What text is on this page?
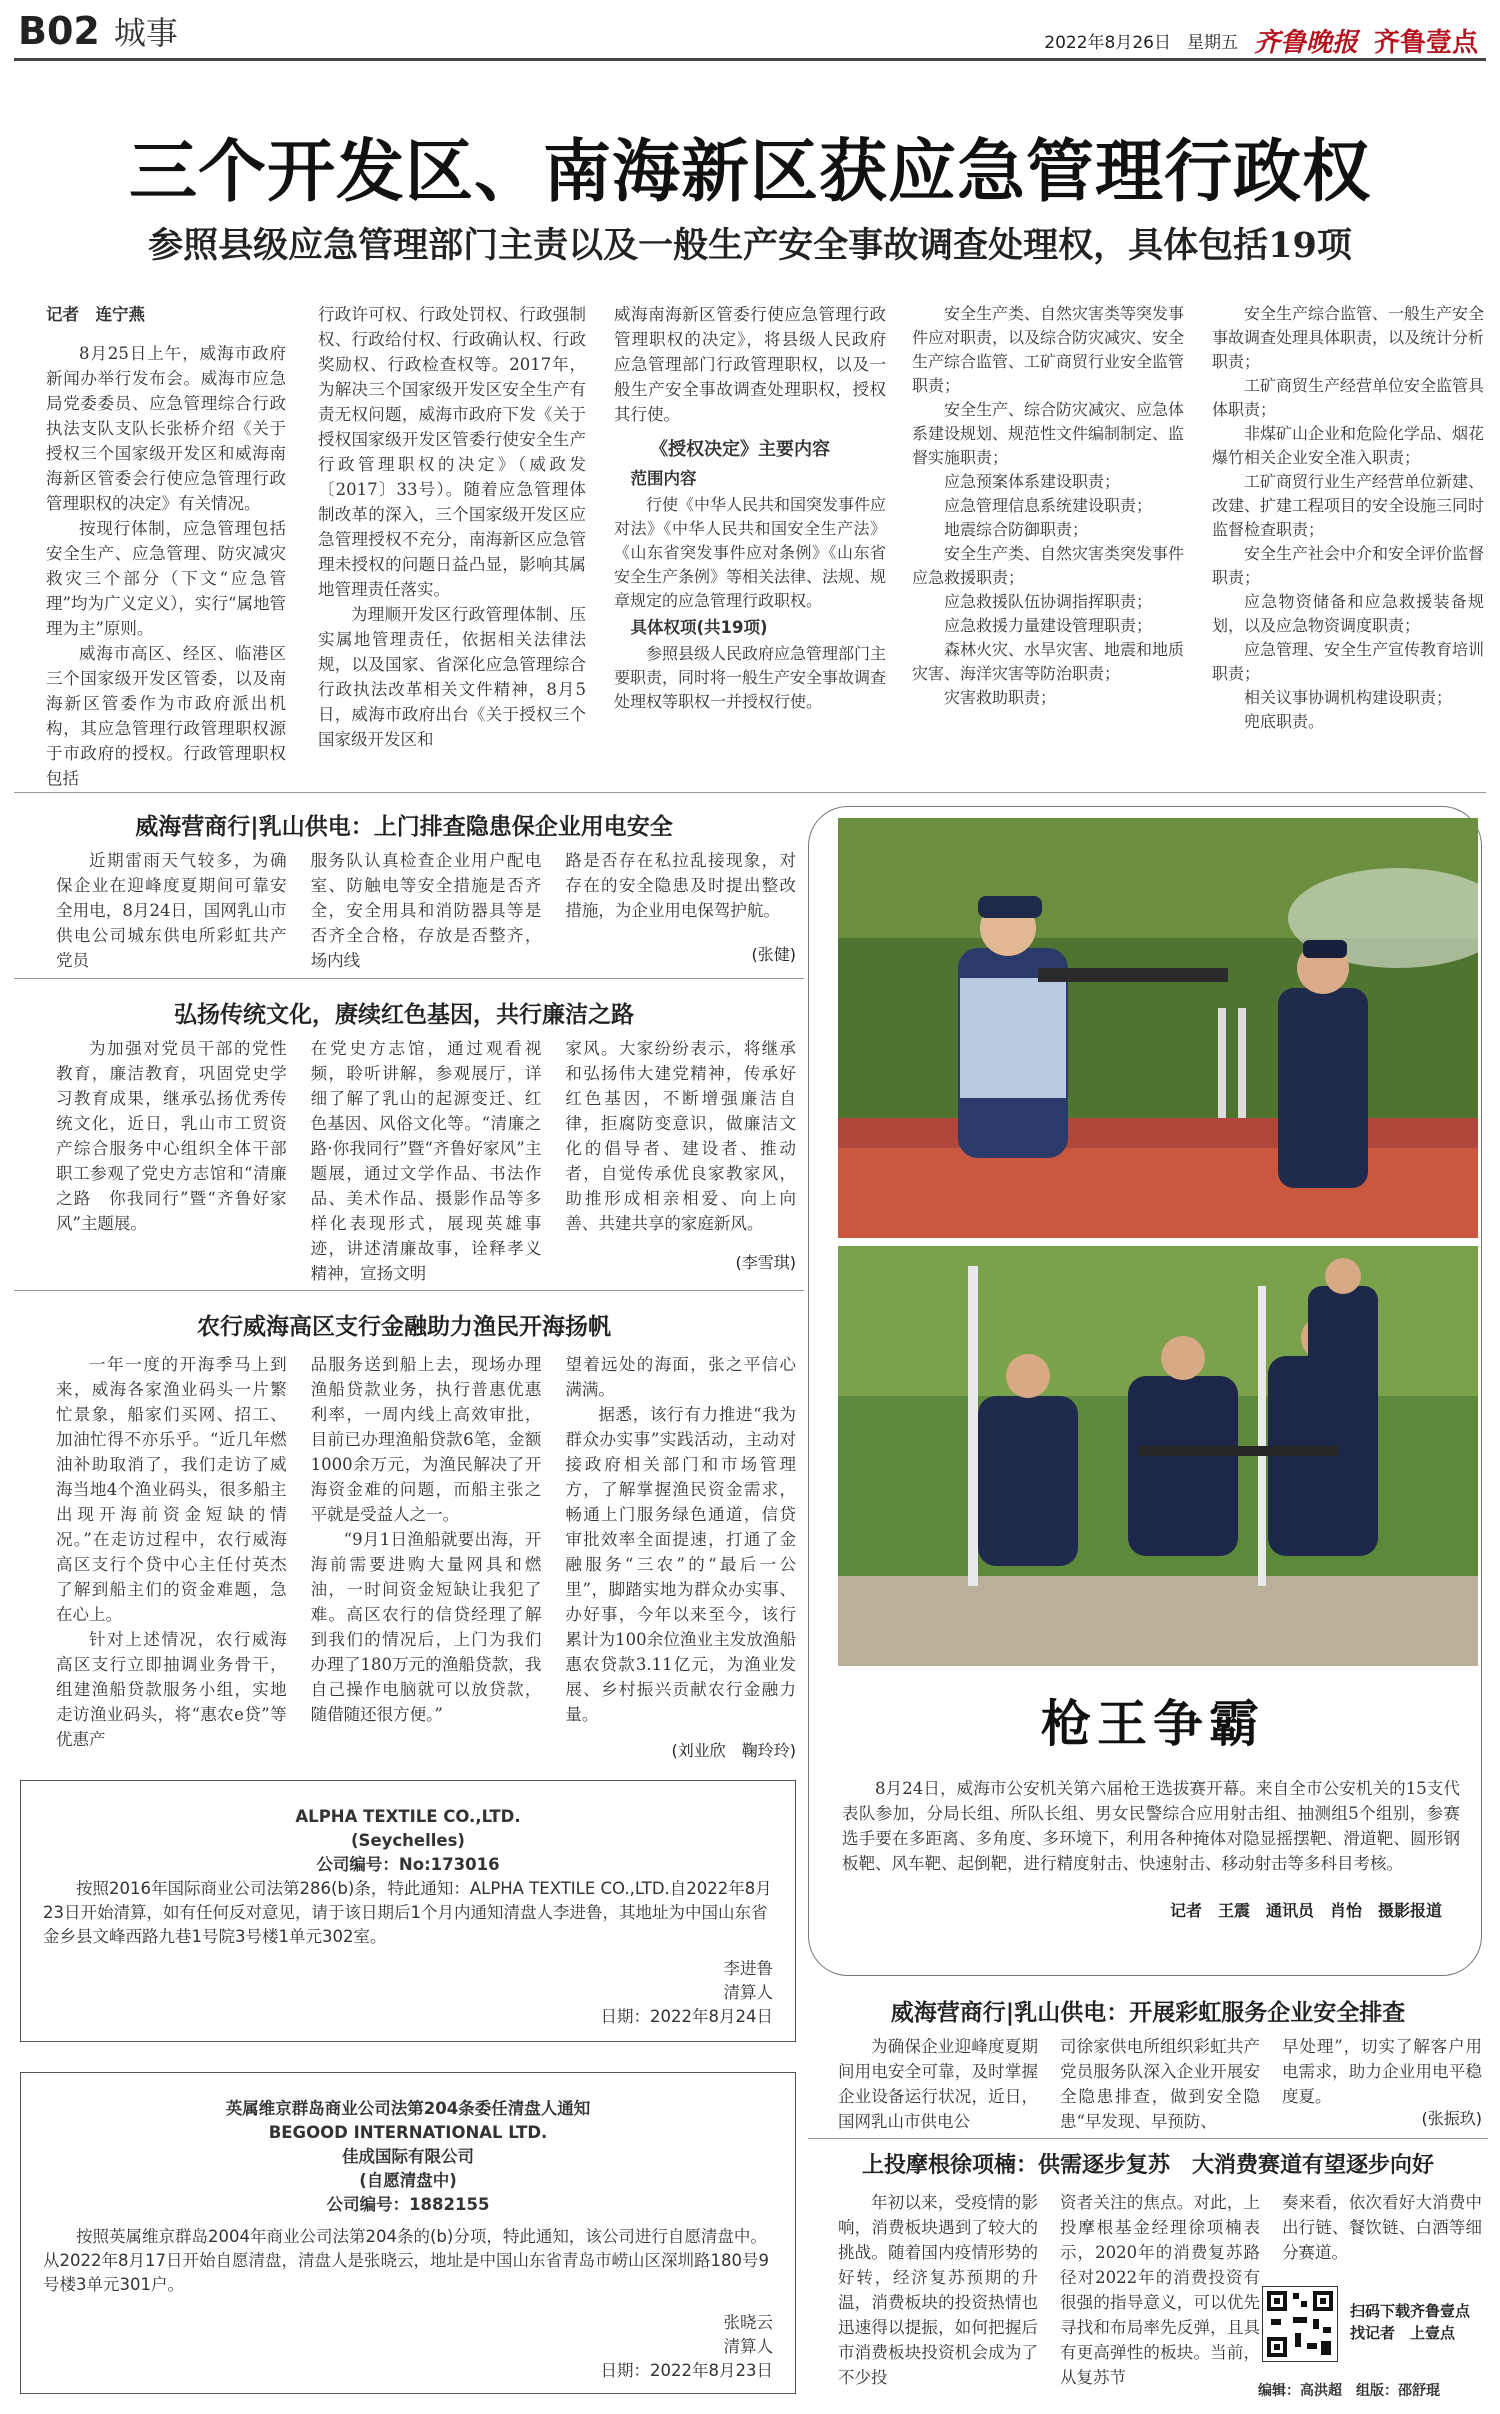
B02 城事	2022年8月26日 星期五 齐鲁晚报 齐鲁壹点
三个开发区、南海新区获应急管理行政权
参照县级应急管理部门主责以及一般生产安全事故调查处理权，具体包括19项

记者　连宁燕

8月25日上午，威海市政府新闻办举行发布会。威海市应急局党委委员、应急管理综合行政执法支队支队长张桥介绍《关于授权三个国家级开发区和威海南海新区管委会行使应急管理行政管理职权的决定》有关情况。

按现行体制，应急管理包括安全生产、应急管理、防灾减灾救灾三个部分（下文“应急管理”均为广义定义），实行“属地管理为主”原则。

威海市高区、经区、临港区三个国家级开发区管委，以及南海新区管委作为市政府派出机构，其应急管理行政管理职权源于市政府的授权。行政管理职权包括

行政许可权、行政处罚权、行政强制权、行政给付权、行政确认权、行政奖励权、行政检查权等。2017年，为解决三个国家级开发区安全生产有责无权问题，威海市政府下发《关于授权国家级开发区管委行使安全生产行政管理职权的决定》（威政发〔2017〕33号）。随着应急管理体制改革的深入，三个国家级开发区应急管理授权不充分，南海新区应急管理未授权的问题日益凸显，影响其属地管理责任落实。

为理顺开发区行政管理体制、压实属地管理责任，依据相关法律法规，以及国家、省深化应急管理综合行政执法改革相关文件精神，8月5日，威海市政府出台《关于授权三个国家级开发区和

威海南海新区管委行使应急管理行政管理职权的决定》，将县级人民政府应急管理部门行政管理职权，以及一般生产安全事故调查处理职权，授权其行使。

《授权决定》主要内容
范围内容

行使《中华人民共和国突发事件应对法》《中华人民共和国安全生产法》《山东省突发事件应对条例》《山东省安全生产条例》等相关法律、法规、规章规定的应急管理行政职权。

具体权项(共19项)

参照县级人民政府应急管理部门主要职责，同时将一般生产安全事故调查处理权等职权一并授权行使。

安全生产类、自然灾害类等突发事件应对职责，以及综合防灾减灾、安全生产综合监管、工矿商贸行业安全监管职责；

安全生产、综合防灾减灾、应急体系建设规划、规范性文件编制制定、监督实施职责；

应急预案体系建设职责；

应急管理信息系统建设职责；

地震综合防御职责；

安全生产类、自然灾害类突发事件应急救援职责；

应急救援队伍协调指挥职责；

应急救援力量建设管理职责；

森林火灾、水旱灾害、地震和地质灾害、海洋灾害等防治职责；

灾害救助职责；

安全生产综合监管、一般生产安全事故调查处理具体职责，以及统计分析职责；

工矿商贸生产经营单位安全监管具体职责；

非煤矿山企业和危险化学品、烟花爆竹相关企业安全准入职责；

工矿商贸行业生产经营单位新建、改建、扩建工程项目的安全设施三同时监督检查职责；

安全生产社会中介和安全评价监督职责；

应急物资储备和应急救援装备规划，以及应急物资调度职责；

应急管理、安全生产宣传教育培训职责；

相关议事协调机构建设职责；

兜底职责。

威海营商行|乳山供电：上门排查隐患保企业用电安全

近期雷雨天气较多，为确保企业在迎峰度夏期间可靠安全用电，8月24日，国网乳山市供电公司城东供电所彩虹共产党员

服务队认真检查企业用户配电室、防触电等安全措施是否齐全，安全用具和消防器具等是否齐全合格，存放是否整齐，场内线

路是否存在私拉乱接现象，对存在的安全隐患及时提出整改措施，为企业用电保驾护航。

(张健)
弘扬传统文化，赓续红色基因，共行廉洁之路

为加强对党员干部的党性教育，廉洁教育，巩固党史学习教育成果，继承弘扬优秀传统文化，近日，乳山市工贸资产综合服务中心组织全体干部职工参观了党史方志馆和“清廉之路　你我同行”暨“齐鲁好家风”主题展。

在党史方志馆，通过观看视频，聆听讲解，参观展厅，详细了解了乳山的起源变迁、红色基因、风俗文化等。“清廉之路·你我同行”暨“齐鲁好家风”主题展，通过文学作品、书法作品、美术作品、摄影作品等多样化表现形式，展现英雄事迹，讲述清廉故事，诠释孝义精神，宣扬文明

家风。大家纷纷表示，将继承和弘扬伟大建党精神，传承好红色基因，不断增强廉洁自律，拒腐防变意识，做廉洁文化的倡导者、建设者、推动者，自觉传承优良家教家风，助推形成相亲相爱、向上向善、共建共享的家庭新风。

(李雪琪)
农行威海高区支行金融助力渔民开海扬帆

一年一度的开海季马上到来，威海各家渔业码头一片繁忙景象，船家们买网、招工、加油忙得不亦乐乎。“近几年燃油补助取消了，我们走访了威海当地4个渔业码头，很多船主出现开海前资金短缺的情况。”在走访过程中，农行威海高区支行个贷中心主任付英杰了解到船主们的资金难题，急在心上。

针对上述情况，农行威海高区支行立即抽调业务骨干，组建渔船贷款服务小组，实地走访渔业码头，将“惠农e贷”等优惠产

品服务送到船上去，现场办理渔船贷款业务，执行普惠优惠利率，一周内线上高效审批，目前已办理渔船贷款6笔，金额1000余万元，为渔民解决了开海资金难的问题，而船主张之平就是受益人之一。

“9月1日渔船就要出海，开海前需要进购大量网具和燃油，一时间资金短缺让我犯了难。高区农行的信贷经理了解到我们的情况后，上门为我们办理了180万元的渔船贷款，我自己操作电脑就可以放贷款，随借随还很方便。”

望着远处的海面，张之平信心满满。

据悉，该行有力推进“我为群众办实事”实践活动，主动对接政府相关部门和市场管理方，了解掌握渔民资金需求，畅通上门服务绿色通道，信贷审批效率全面提速，打通了金融服务“三农”的“最后一公里”，脚踏实地为群众办实事、办好事，今年以来至今，该行累计为100余位渔业主发放渔船惠农贷款3.11亿元，为渔业发展、乡村振兴贡献农行金融力量。

(刘业欣　鞠玲玲)
ALPHA TEXTILE CO.,LTD.
(Seychelles)
公司编号：No:173016

按照2016年国际商业公司法第286(b)条，特此通知：ALPHA TEXTILE CO.,LTD.自2022年8月23日开始清算，如有任何反对意见，请于该日期后1个月内通知清盘人李进鲁，其地址为中国山东省金乡县文峰西路九巷1号院3号楼1单元302室。

李进鲁
清算人
日期：2022年8月24日
英属维京群岛商业公司法第204条委任清盘人通知
BEGOOD INTERNATIONAL LTD.
佳成国际有限公司
(自愿清盘中)
公司编号：1882155

按照英属维京群岛2004年商业公司法第204条的(b)分项，特此通知，该公司进行自愿清盘中。从2022年8月17日开始自愿清盘，清盘人是张晓云，地址是中国山东省青岛市崂山区深圳路180号9号楼3单元301户。

张晓云
清算人
日期：2022年8月23日
枪王争霸

8月24日，威海市公安机关第六届枪王选拔赛开幕。来自全市公安机关的15支代表队参加，分局长组、所队长组、男女民警综合应用射击组、抽测组5个组别，参赛选手要在多距离、多角度、多环境下，利用各种掩体对隐显摇摆靶、滑道靶、圆形钢板靶、风车靶、起倒靶，进行精度射击、快速射击、移动射击等多科目考核。

记者　王震　通讯员　肖怡　摄影报道
威海营商行|乳山供电：开展彩虹服务企业安全排查

为确保企业迎峰度夏期间用电安全可靠，及时掌握企业设备运行状况，近日，国网乳山市供电公

司徐家供电所组织彩虹共产党员服务队深入企业开展安全隐患排查，做到安全隐患“早发现、早预防、

早处理”，切实了解客户用电需求，助力企业用电平稳度夏。

(张振玖)
上投摩根徐项楠：供需逐步复苏　大消费赛道有望逐步向好

年初以来，受疫情的影响，消费板块遇到了较大的挑战。随着国内疫情形势的好转，经济复苏预期的升温，消费板块的投资热情也迅速得以提振，如何把握后市消费板块投资机会成为了不少投

资者关注的焦点。对此，上投摩根基金经理徐项楠表示，2020年的消费复苏路径对2022年的消费投资有很强的指导意义，可以优先寻找和布局率先反弹，且具有更高弹性的板块。当前，从复苏节

奏来看，依次看好大消费中出行链、餐饮链、白酒等细分赛道。

扫码下载齐鲁壹点
找记者　上壹点
编辑：高洪超　组版：邵舒琨
